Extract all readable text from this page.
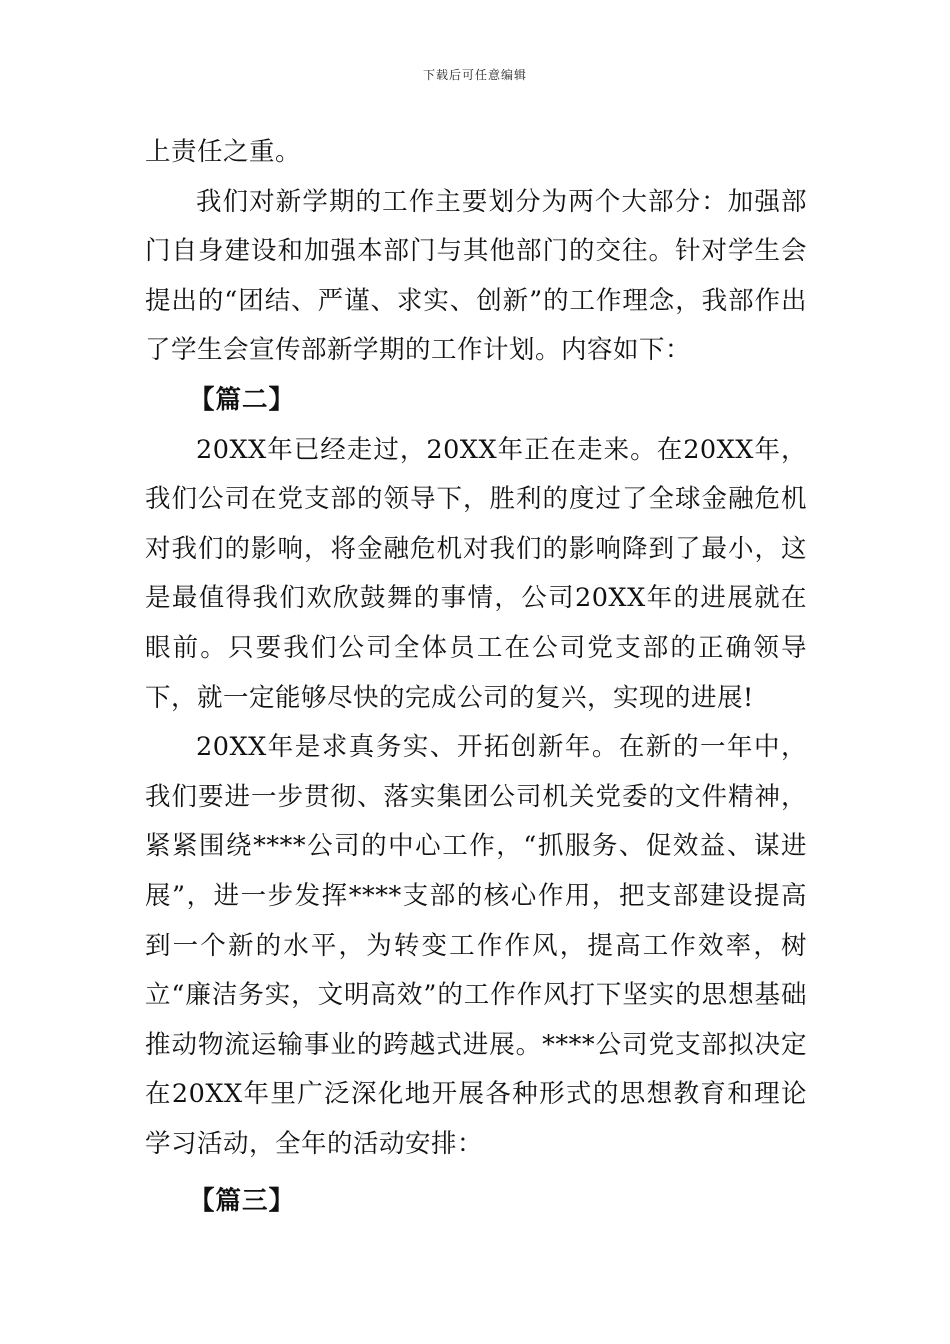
下载后可任意编辑

上责任之重。

我们对新学期的工作主要划分为两个大部分：加强部门自身建设和加强本部门与其他部门的交往。针对学生会提出的“团结、严谨、求实、创新”的工作理念，我部作出了学生会宣传部新学期的工作计划。内容如下：

【篇二】

20XX年已经走过，20XX年正在走来。在20XX年，我们公司在党支部的领导下，胜利的度过了全球金融危机对我们的影响，将金融危机对我们的影响降到了最小，这是最值得我们欢欣鼓舞的事情，公司20XX年的进展就在眼前。只要我们公司全体员工在公司党支部的正确领导下，就一定能够尽快的完成公司的复兴，实现的进展!

20XX年是求真务实、开拓创新年。在新的一年中，我们要进一步贯彻、落实集团公司机关党委的文件精神，紧紧围绕****公司的中心工作，“抓服务、促效益、谋进展”，进一步发挥****支部的核心作用，把支部建设提高到一个新的水平，为转变工作作风，提高工作效率，树立“廉洁务实，文明高效”的工作作风打下坚实的思想基础推动物流运输事业的跨越式进展。****公司党支部拟决定在20XX年里广泛深化地开展各种形式的思想教育和理论学习活动，全年的活动安排：

【篇三】
